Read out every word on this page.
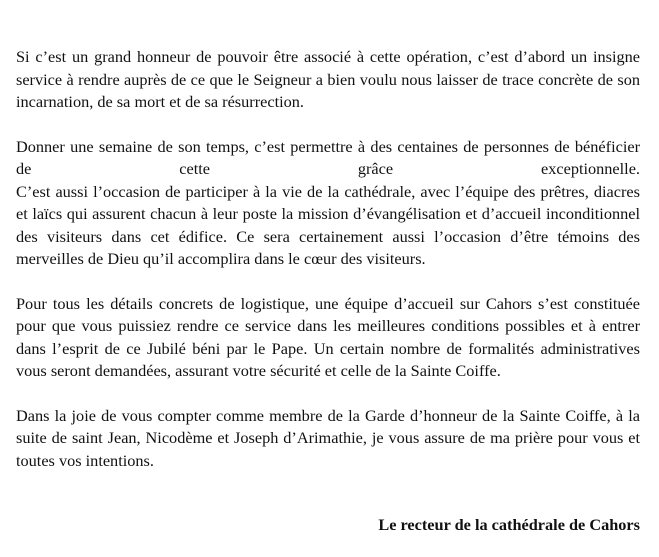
Si c’est un grand honneur de pouvoir être associé à cette opération, c’est d’abord un insigne service à rendre auprès de ce que le Seigneur a bien voulu nous laisser de trace concrète de son incarnation, de sa mort et de sa résurrection.

Donner une semaine de son temps, c’est permettre à des centaines de personnes de bénéficier de cette grâce exceptionnelle.
C’est aussi l’occasion de participer à la vie de la cathédrale, avec l’équipe des prêtres, diacres et laïcs qui assurent chacun à leur poste la mission d’évangélisation et d’accueil inconditionnel des visiteurs dans cet édifice. Ce sera certainement aussi l’occasion d’être témoins des merveilles de Dieu qu’il accomplira dans le cœur des visiteurs.

Pour tous les détails concrets de logistique, une équipe d’accueil sur Cahors s’est constituée pour que vous puissiez rendre ce service dans les meilleures conditions possibles et à entrer dans l’esprit de ce Jubilé béni par le Pape. Un certain nombre de formalités administratives vous seront demandées, assurant votre sécurité et celle de la Sainte Coiffe.

Dans la joie de vous compter comme membre de la Garde d’honneur de la Sainte Coiffe, à la suite de saint Jean, Nicodème et Joseph d’Arimathie, je vous assure de ma prière pour vous et toutes vos intentions.

Le recteur de la cathédrale de Cahors
